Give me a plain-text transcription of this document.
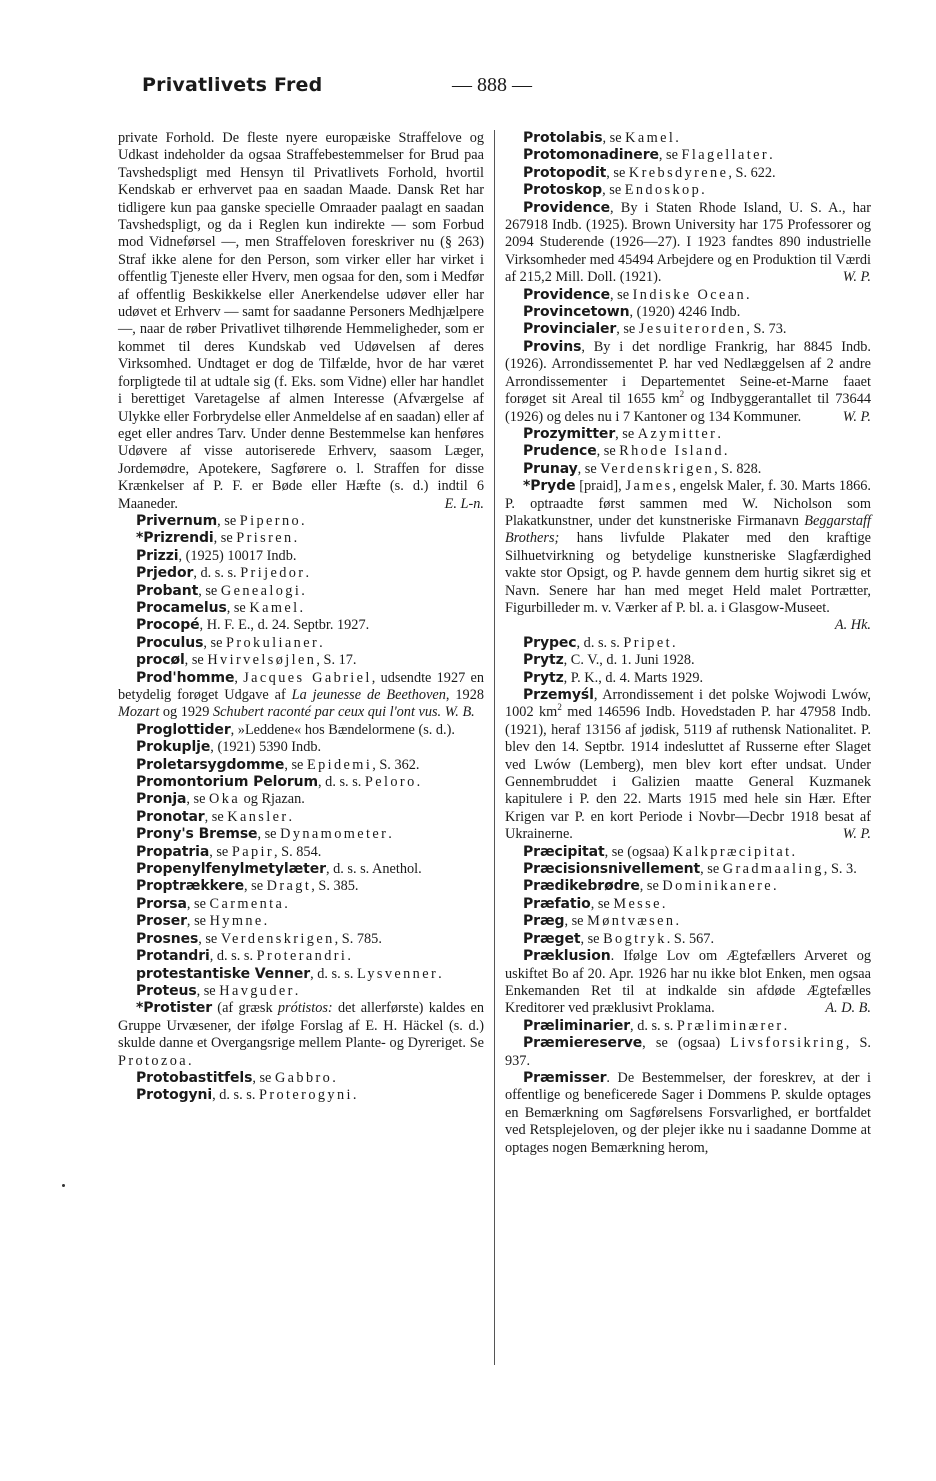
Privatlivets Fred	— 888 —

private Forhold. De fleste nyere europæiske Straffelove og Udkast indeholder da ogsaa Straffebestemmelser for Brud paa Tavshedspligt med Hensyn til Privatlivets Forhold, hvortil Kendskab er erhvervet paa en saadan Maade. Dansk Ret har tidligere kun paa ganske specielle Omraader paalagt en saadan Tavshedspligt, og da i Reglen kun indirekte — som Forbud mod Vidneførsel —, men Straffeloven foreskriver nu (§ 263) Straf ikke alene for den Person, som virker eller har virket i offentlig Tjeneste eller Hverv, men ogsaa for den, som i Medfør af offentlig Beskikkelse eller Anerkendelse udøver eller har udøvet et Erhverv — samt for saadanne Personers Medhjælpere —, naar de røber Privatlivet tilhørende Hemmeligheder, som er kommet til deres Kundskab ved Udøvelsen af deres Virksomhed. Undtaget er dog de Tilfælde, hvor de har været forpligtede til at udtale sig (f. Eks. som Vidne) eller har handlet i berettiget Varetagelse af almen Interesse (Afværgelse af Ulykke eller Forbrydelse eller Anmeldelse af en saadan) eller af eget eller andres Tarv. Under denne Bestemmelse kan henføres Udøvere af visse autoriserede Erhverv, saasom Læger, Jordemødre, Apotekere, Sagførere o. l. Straffen for disse Krænkelser af P. F. er Bøde eller Hæfte (s. d.) indtil 6 Maaneder.	E. L-n.

Privernum, se Piperno.

*Prizrendi, se Prisren.

Prizzi, (1925) 10017 Indb.

Prjedor, d. s. s. Prijedor.

Probant, se Genealogi.

Procamelus, se Kamel.

Procopé, H. F. E., d. 24. Septbr. 1927.

Proculus, se Prokulianer.

procøl, se Hvirvelsøjlen, S. 17.

Prod'homme, Jacques Gabriel, udsendte 1927 en betydelig forøget Udgave af La jeunesse de Beethoven, 1928 Mozart og 1929 Schubert raconté par ceux qui l'ont vus. W. B.

Proglottider, »Leddene« hos Bændelormene (s. d.).

Prokuplje, (1921) 5390 Indb.

Proletarsygdomme, se Epidemi, S. 362.

Promontorium Pelorum, d. s. s. Peloro.

Pronja, se Oka og Rjazan.

Pronotar, se Kansler.

Prony's Bremse, se Dynamometer.

Propatria, se Papir, S. 854.

Propenylfenylmetylæter, d. s. s. Anethol.

Proptrækkere, se Dragt, S. 385.

Prorsa, se Carmenta.

Proser, se Hymne.

Prosnes, se Verdenskrigen, S. 785.

Protandri, d. s. s. Proterandri.

protestantiske Venner, d. s. s. Lysvenner.

Proteus, se Havguder.

*Protister (af græsk prótistos: det allerførste) kaldes en Gruppe Urvæsener, der ifølge Forslag af E. H. Häckel (s. d.) skulde danne et Overgangsrige mellem Plante- og Dyreriget. Se Protozoa.

Protobastitfels, se Gabbro.

Protogyni, d. s. s. Proterogyni.

Protolabis, se Kamel.

Protomonadinere, se Flagellater.

Protopodit, se Krebsdyrene, S. 622.

Protoskop, se Endoskop.

Providence, By i Staten Rhode Island, U. S. A., har 267918 Indb. (1925). Brown University har 175 Professorer og 2094 Studerende (1926—27). I 1923 fandtes 890 industrielle Virksomheder med 45494 Arbejdere og en Produktion til Værdi af 215,2 Mill. Doll. (1921).	W. P.

Providence, se Indiske Ocean.

Provincetown, (1920) 4246 Indb.

Provincialer, se Jesuiterorden, S. 73.

Provins, By i det nordlige Frankrig, har 8845 Indb. (1926). Arrondissementet P. har ved Nedlæggelsen af 2 andre Arrondissementer i Departementet Seine-et-Marne faaet forøget sit Areal til 1655 $km^2$ og Indbyggerantallet til 73644 (1926) og deles nu i 7 Kantoner og 134 Kommuner.	W. P.

Prozymitter, se Azymitter.

Prudence, se Rhode Island.

Prunay, se Verdenskrigen, S. 828.

*Pryde [praid], James, engelsk Maler, f. 30. Marts 1866. P. optraadte først sammen med W. Nicholson som Plakatkunstner, under det kunstneriske Firmanavn Beggarstaff Brothers; hans livfulde Plakater med den kraftige Silhuetvirkning og betydelige kunstneriske Slagfærdighed vakte stor Opsigt, og P. havde gennem dem hurtig sikret sig et Navn. Senere har han med meget Held malet Portrætter, Figurbilleder m. v. Værker af P. bl. a. i Glasgow-Museet.
A. Hk.

Prypec, d. s. s. Pripet.

Prytz, C. V., d. 1. Juni 1928.

Prytz, P. K., d. 4. Marts 1929.

Przemyśl, Arrondissement i det polske Wojwodi Lwów, 1002 $km^2$ med 146596 Indb. Hovedstaden P. har 47958 Indb. (1921), heraf 13156 af jødisk, 5119 af ruthensk Nationalitet. P. blev den 14. Septbr. 1914 indesluttet af Russerne efter Slaget ved Lwów (Lemberg), men blev kort efter undsat. Under Gennembruddet i Galizien maatte General Kuzmanek kapitulere i P. den 22. Marts 1915 med hele sin Hær. Efter Krigen var P. en kort Periode i Novbr—Decbr 1918 besat af Ukrainerne.	W. P.

Præcipitat, se (ogsaa) Kalkpræcipitat.

Præcisionsnivellement, se Gradmaaling, S. 3.

Prædikebrødre, se Dominikanere.

Præfatio, se Messe.

Præg, se Møntvæsen.

Præget, se Bogtryk. S. 567.

Præklusion. Ifølge Lov om Ægtefællers Arveret og uskiftet Bo af 20. Apr. 1926 har nu ikke blot Enken, men ogsaa Enkemanden Ret til at indkalde sin afdøde Ægtefælles Kreditorer ved præklusivt Proklama.	A. D. B.

Præliminarier, d. s. s. Præliminærer.

Præmiereserve, se (ogsaa) Livsforsikring, S. 937.

Præmisser. De Bestemmelser, der foreskrev, at der i offentlige og beneficerede Sager i Dommens P. skulde optages en Bemærkning om Sagførelsens Forsvarlighed, er bortfaldet ved Retsplejeloven, og der plejer ikke nu i saadanne Domme at optages nogen Bemærkning herom,
